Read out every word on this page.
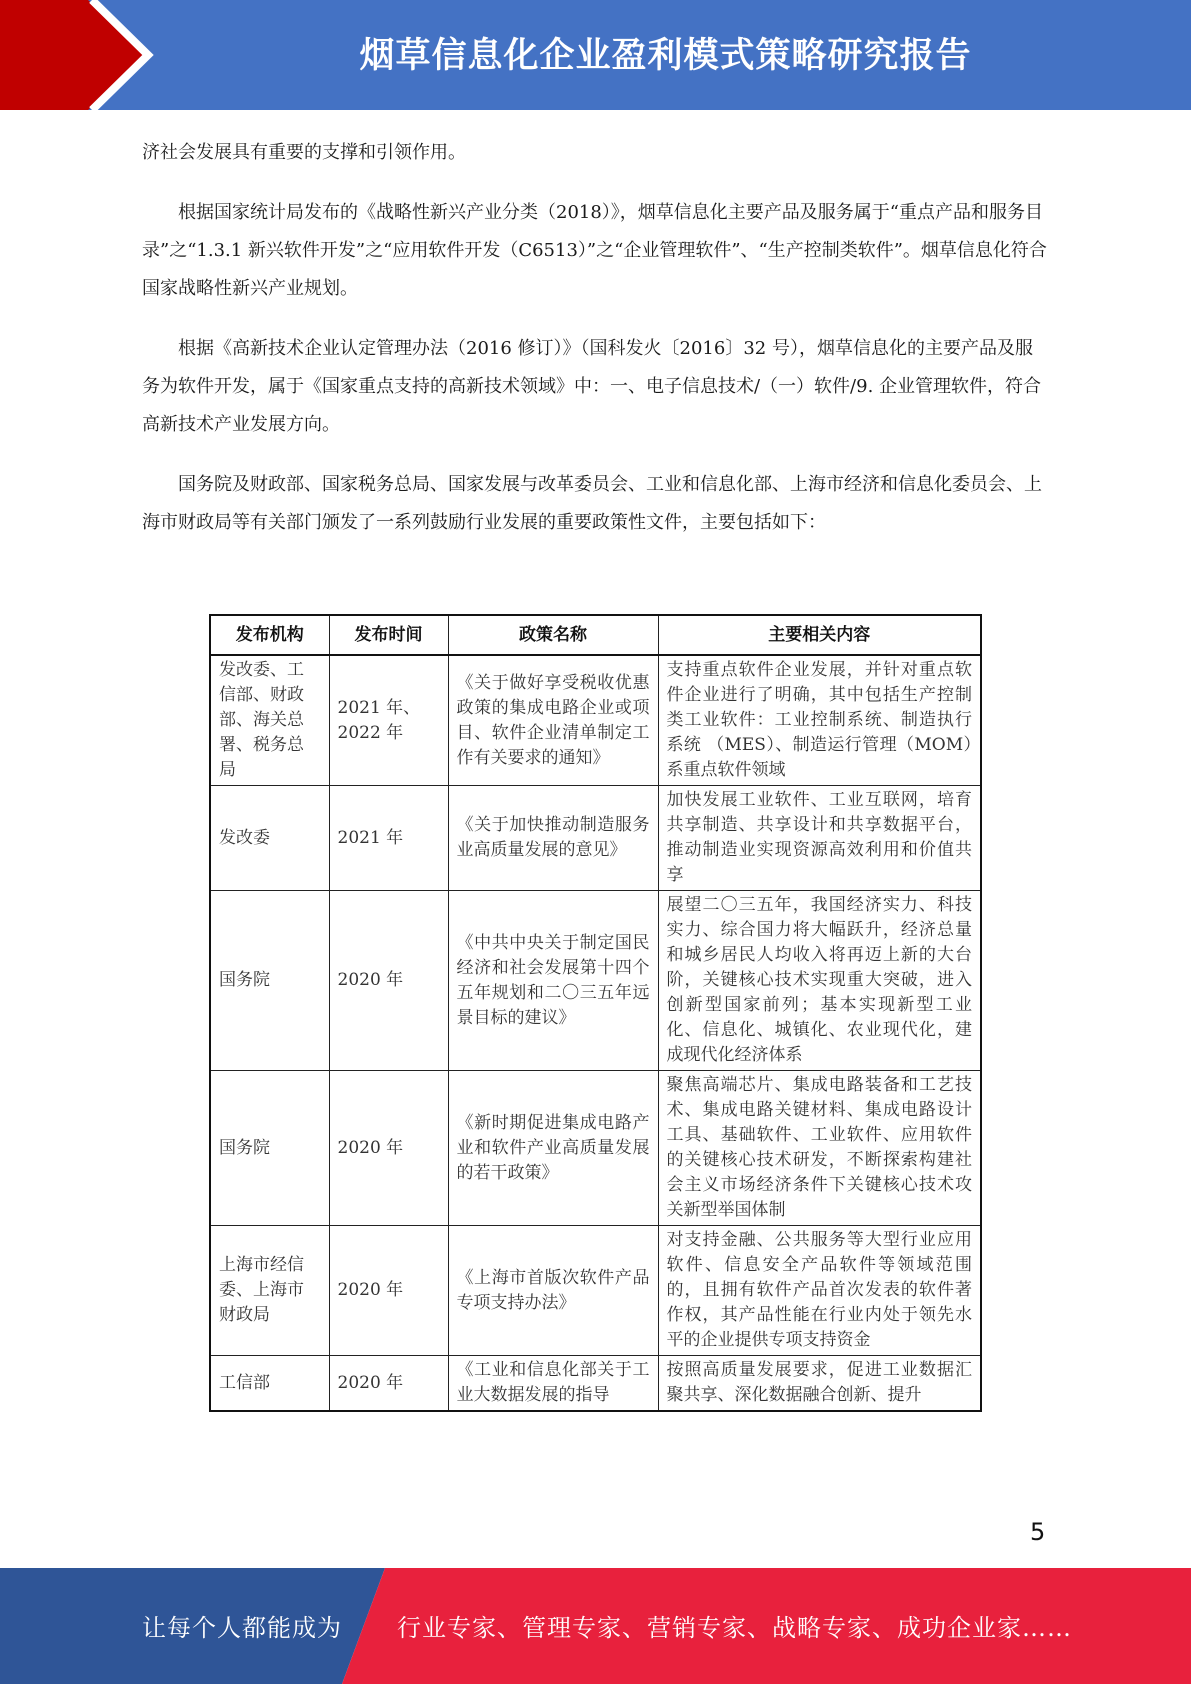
烟草信息化企业盈利模式策略研究报告

济社会发展具有重要的支撑和引领作用。

根据国家统计局发布的《战略性新兴产业分类（2018）》，烟草信息化主要产品及服务属于“重点产品和服务目录”之“1.3.1 新兴软件开发”之“应用软件开发（C6513）”之“企业管理软件”、“生产控制类软件”。烟草信息化符合国家战略性新兴产业规划。

根据《高新技术企业认定管理办法（2016 修订）》（国科发火〔2016〕32 号），烟草信息化的主要产品及服务为软件开发，属于《国家重点支持的高新技术领域》中：一、电子信息技术/（一）软件/9. 企业管理软件，符合高新技术产业发展方向。

国务院及财政部、国家税务总局、国家发展与改革委员会、工业和信息化部、上海市经济和信息化委员会、上海市财政局等有关部门颁发了一系列鼓励行业发展的重要政策性文件，主要包括如下：

发布机构	发布时间	政策名称	主要相关内容
发改委、工信部、财政部、海关总署、税务总局	2021 年、2022 年	《关于做好享受税收优惠政策的集成电路企业或项目、软件企业清单制定工作有关要求的通知》	支持重点软件企业发展，并针对重点软件企业进行了明确，其中包括生产控制类工业软件：工业控制系统、制造执行系统 （MES）、制造运行管理（MOM）系重点软件领域
发改委	2021 年	《关于加快推动制造服务业高质量发展的意见》	加快发展工业软件、工业互联网，培育共享制造、共享设计和共享数据平台，推动制造业实现资源高效利用和价值共享
国务院	2020 年	《中共中央关于制定国民经济和社会发展第十四个五年规划和二〇三五年远景目标的建议》	展望二〇三五年，我国经济实力、科技实力、综合国力将大幅跃升，经济总量和城乡居民人均收入将再迈上新的大台阶，关键核心技术实现重大突破，进入创新型国家前列；基本实现新型工业化、信息化、城镇化、农业现代化，建成现代化经济体系
国务院	2020 年	《新时期促进集成电路产业和软件产业高质量发展的若干政策》	聚焦高端芯片、集成电路装备和工艺技术、集成电路关键材料、集成电路设计工具、基础软件、工业软件、应用软件的关键核心技术研发，不断探索构建社会主义市场经济条件下关键核心技术攻关新型举国体制
上海市经信委、上海市财政局	2020 年	《上海市首版次软件产品专项支持办法》	对支持金融、公共服务等大型行业应用软件、信息安全产品软件等领域范围的，且拥有软件产品首次发表的软件著作权，其产品性能在行业内处于领先水平的企业提供专项支持资金
工信部	2020 年	《工业和信息化部关于工业大数据发展的指导	按照高质量发展要求，促进工业数据汇聚共享、深化数据融合创新、提升
5
让每个人都能成为 行业专家、管理专家、营销专家、战略专家、成功企业家……
